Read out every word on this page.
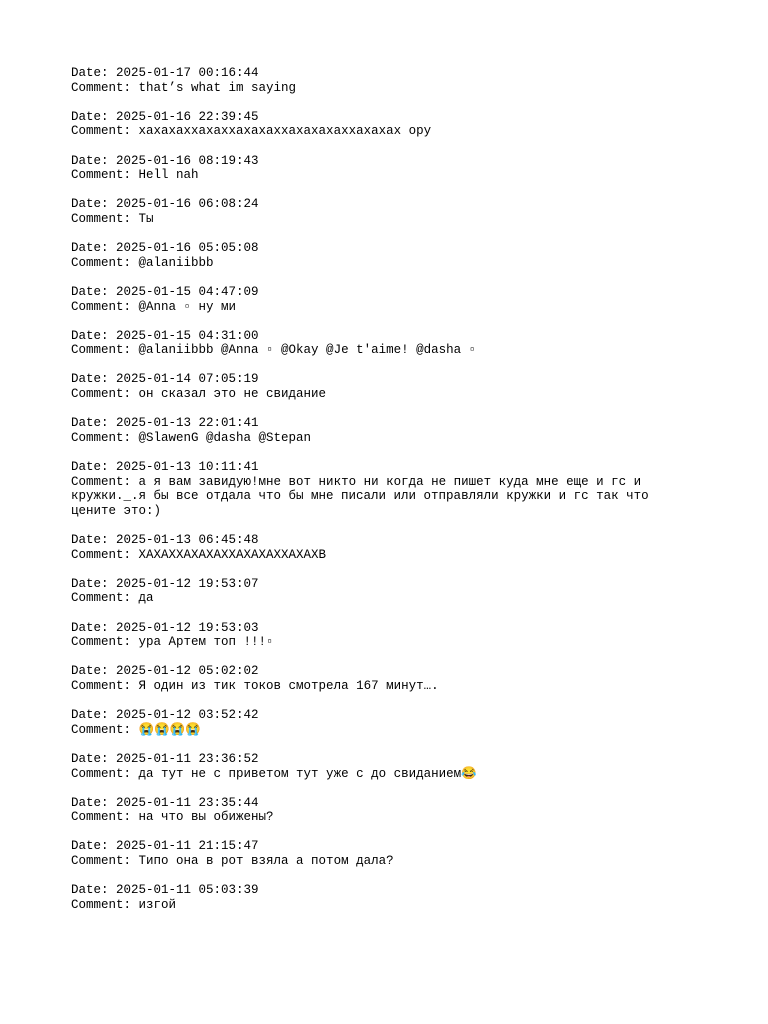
Date: 2025-01-17 00:16:44
Comment: that’s what im saying
Date: 2025-01-16 22:39:45
Comment: хахахаххахаххахахаххахахахаххахахах ору
Date: 2025-01-16 08:19:43
Comment: Hell nah
Date: 2025-01-16 06:08:24
Comment: Ты
Date: 2025-01-16 05:05:08
Comment: @alaniibbb
Date: 2025-01-15 04:47:09
Comment: @Anna ▫ ну ми
Date: 2025-01-15 04:31:00
Comment: @alaniibbb @Anna ▫ @Okay @Je t'aime! @dasha ▫
Date: 2025-01-14 07:05:19
Comment: он сказал это не свидание
Date: 2025-01-13 22:01:41
Comment: @SlawenG @dasha @Stepan
Date: 2025-01-13 10:11:41
Comment: а я вам завидую!мне вот никто ни когда не пишет куда мне еще и гс и кружки._.я бы все отдала что бы мне писали или отправляли кружки и гс так что цените это:)
Date: 2025-01-13 06:45:48
Comment: ХАХАХХАХАХАХХАХАХАХХАХАХВ
Date: 2025-01-12 19:53:07
Comment: да
Date: 2025-01-12 19:53:03
Comment: ура Артем топ !!!▫
Date: 2025-01-12 05:02:02
Comment: Я один из тик токов смотрела 167 минут….
Date: 2025-01-12 03:52:42
Comment: 😭😭😭😭
Date: 2025-01-11 23:36:52
Comment: да тут не с приветом тут уже с до свиданием😂
Date: 2025-01-11 23:35:44
Comment: на что вы обижены?
Date: 2025-01-11 21:15:47
Comment: Типо она в рот взяла а потом дала?
Date: 2025-01-11 05:03:39
Comment: изгой
